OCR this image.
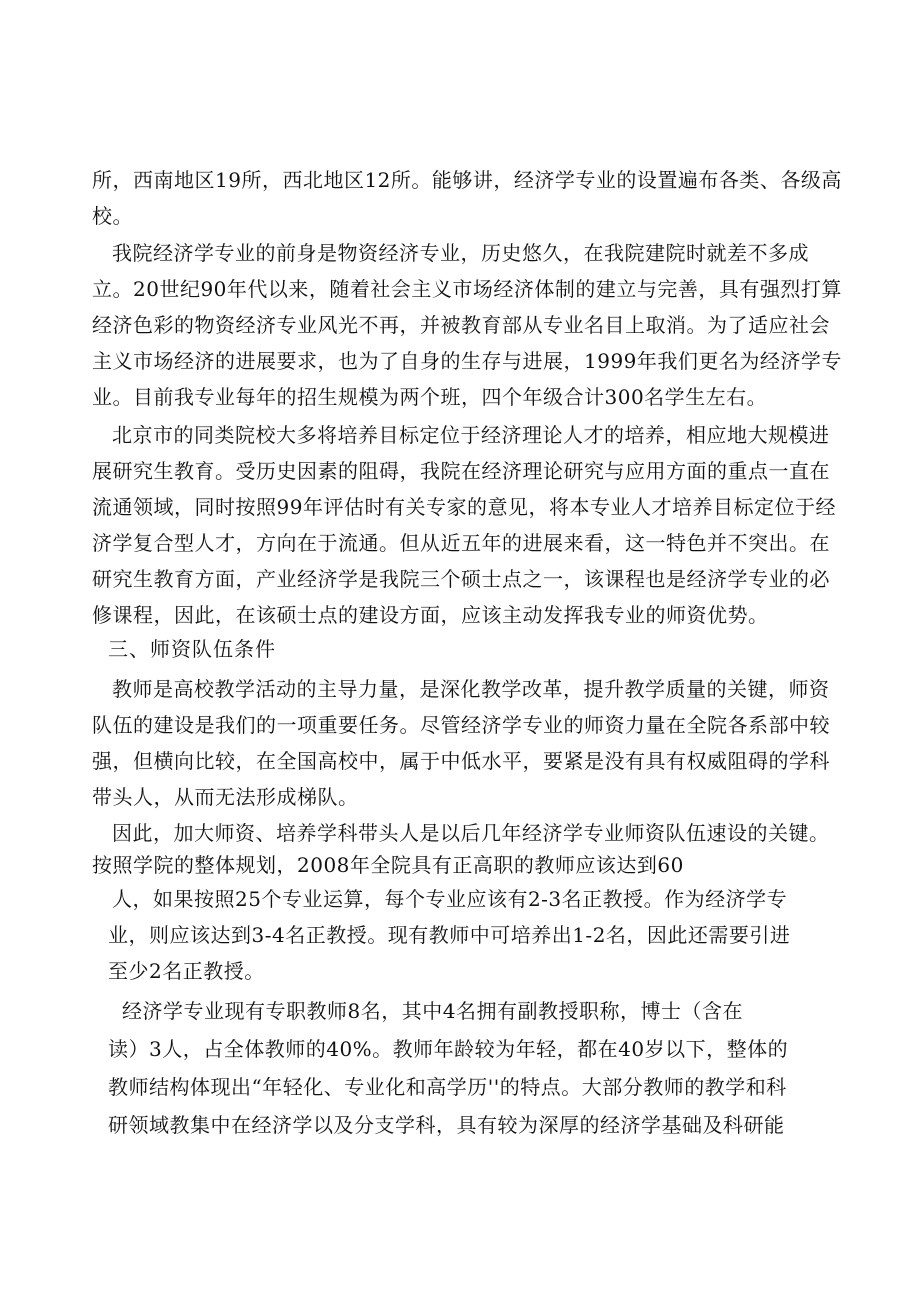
所，西南地区19所，西北地区12所。能够讲，经济学专业的设置遍布各类、各级高
校。
我院经济学专业的前身是物资经济专业，历史悠久，在我院建院时就差不多成
立。20世纪90年代以来，随着社会主义市场经济体制的建立与完善，具有强烈打算
经济色彩的物资经济专业风光不再，并被教育部从专业名目上取消。为了适应社会
主义市场经济的进展要求，也为了自身的生存与进展，1999年我们更名为经济学专
业。目前我专业每年的招生规模为两个班，四个年级合计300名学生左右。
北京市的同类院校大多将培养目标定位于经济理论人才的培养，相应地大规模进
展研究生教育。受历史因素的阻碍，我院在经济理论研究与应用方面的重点一直在
流通领域，同时按照99年评估时有关专家的意见，将本专业人才培养目标定位于经
济学复合型人才，方向在于流通。但从近五年的进展来看，这一特色并不突出。在
研究生教育方面，产业经济学是我院三个硕士点之一，该课程也是经济学专业的必
修课程，因此，在该硕士点的建设方面，应该主动发挥我专业的师资优势。
三、师资队伍条件
教师是高校教学活动的主导力量，是深化教学改革，提升教学质量的关键，师资
队伍的建设是我们的一项重要任务。尽管经济学专业的师资力量在全院各系部中较
强，但横向比较，在全国高校中，属于中低水平，要紧是没有具有权威阻碍的学科
带头人，从而无法形成梯队。
因此，加大师资、培养学科带头人是以后几年经济学专业师资队伍速设的关键。
按照学院的整体规划，2008年全院具有正高职的教师应该达到60
人，如果按照25个专业运算，每个专业应该有2-3名正教授。作为经济学专
业，则应该达到3-4名正教授。现有教师中可培养出1-2名，因此还需要引进
至少2名正教授。
经济学专业现有专职教师8名，其中4名拥有副教授职称，博士（含在
读）3人，占全体教师的40%。教师年龄较为年轻，都在40岁以下，整体的
教师结构体现出“年轻化、专业化和高学历''的特点。大部分教师的教学和科
研领域教集中在经济学以及分支学科，具有较为深厚的经济学基础及科研能
